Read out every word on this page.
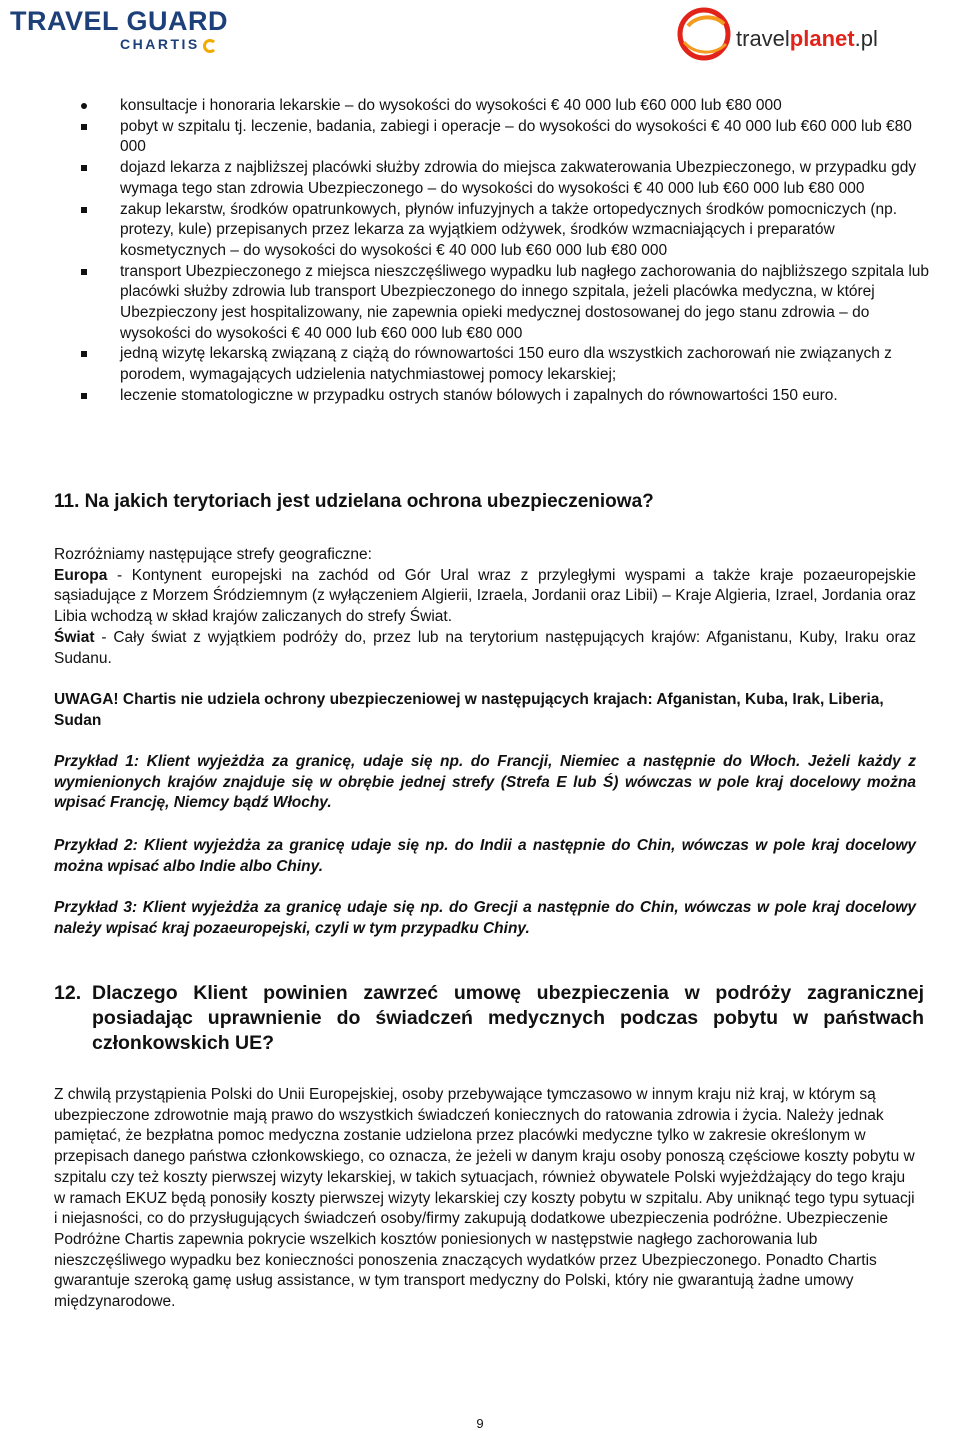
TRAVEL GUARD
CHARTIS	travelplanet.pl
konsultacje i honoraria lekarskie – do wysokości do wysokości € 40 000 lub €60 000 lub €80 000
pobyt w szpitalu tj. leczenie, badania, zabiegi i operacje – do wysokości do wysokości € 40 000 lub €60 000 lub €80 000
dojazd lekarza z najbliższej placówki służby zdrowia do miejsca zakwaterowania Ubezpieczonego, w przypadku gdy wymaga tego stan zdrowia Ubezpieczonego – do wysokości do wysokości € 40 000 lub €60 000 lub €80 000
zakup lekarstw, środków opatrunkowych, płynów infuzyjnych a także ortopedycznych środków pomocniczych (np. protezy, kule) przepisanych przez lekarza za wyjątkiem odżywek, środków wzmacniających i preparatów kosmetycznych – do wysokości do wysokości € 40 000 lub €60 000 lub €80 000
transport Ubezpieczonego z miejsca nieszczęśliwego wypadku lub nagłego zachorowania do najbliższego szpitala lub placówki służby zdrowia lub transport Ubezpieczonego do innego szpitala, jeżeli placówka medyczna, w której Ubezpieczony jest hospitalizowany, nie zapewnia opieki medycznej dostosowanej do jego stanu zdrowia – do wysokości do wysokości € 40 000 lub €60 000 lub €80 000
jedną wizytę lekarską związaną z ciążą do równowartości 150 euro dla wszystkich zachorowań nie związanych z porodem, wymagających udzielenia natychmiastowej pomocy lekarskiej;
leczenie stomatologiczne w przypadku ostrych stanów bólowych i zapalnych do równowartości 150 euro.
11. Na jakich terytoriach jest udzielana ochrona ubezpieczeniowa?

Rozróżniamy następujące strefy geograficzne:

Europa - Kontynent europejski na zachód od Gór Ural wraz z przyległymi wyspami a także kraje pozaeuropejskie sąsiadujące z Morzem Śródziemnym (z wyłączeniem Algierii, Izraela, Jordanii oraz Libii) – Kraje Algieria, Izrael, Jordania oraz Libia wchodzą w skład krajów zaliczanych do strefy Świat.

Świat - Cały świat z wyjątkiem podróży do, przez lub na terytorium następujących krajów: Afganistanu, Kuby, Iraku oraz Sudanu.

UWAGA! Chartis nie udziela ochrony ubezpieczeniowej w następujących krajach: Afganistan, Kuba, Irak, Liberia, Sudan
Przykład 1: Klient wyjeżdża za granicę, udaje się np. do Francji, Niemiec a następnie do Włoch. Jeżeli każdy z wymienionych krajów znajduje się w obrębie jednej strefy (Strefa E lub Ś) wówczas w pole kraj docelowy można wpisać Francję, Niemcy bądź Włochy.
Przykład 2: Klient wyjeżdża za granicę udaje się np. do Indii a następnie do Chin, wówczas w pole kraj docelowy można wpisać albo Indie albo Chiny.
Przykład 3: Klient wyjeżdża za granicę udaje się np. do Grecji a następnie do Chin, wówczas w pole kraj docelowy należy wpisać kraj pozaeuropejski, czyli w tym przypadku Chiny.
12. Dlaczego Klient powinien zawrzeć umowę ubezpieczenia w podróży zagranicznej posiadając uprawnienie do świadczeń medycznych podczas pobytu w państwach członkowskich UE?
Z chwilą przystąpienia Polski do Unii Europejskiej, osoby przebywające tymczasowo w innym kraju niż kraj, w którym są ubezpieczone zdrowotnie mają prawo do wszystkich świadczeń koniecznych do ratowania zdrowia i życia. Należy jednak pamiętać, że bezpłatna pomoc medyczna zostanie udzielona przez placówki medyczne tylko w zakresie określonym w przepisach danego państwa członkowskiego, co oznacza, że jeżeli w danym kraju osoby ponoszą częściowe koszty pobytu w szpitalu czy też koszty pierwszej wizyty lekarskiej, w takich sytuacjach, również obywatele Polski wyjeżdżający do tego kraju w ramach EKUZ będą ponosiły koszty pierwszej wizyty lekarskiej czy koszty pobytu w szpitalu. Aby uniknąć tego typu sytuacji i niejasności, co do przysługujących świadczeń osoby/firmy zakupują dodatkowe ubezpieczenia podróżne. Ubezpieczenie Podróżne Chartis zapewnia pokrycie wszelkich kosztów poniesionych w następstwie nagłego zachorowania lub nieszczęśliwego wypadku bez konieczności ponoszenia znaczących wydatków przez Ubezpieczonego. Ponadto Chartis gwarantuje szeroką gamę usług assistance, w tym transport medyczny do Polski, który nie gwarantują żadne umowy międzynarodowe.
9
